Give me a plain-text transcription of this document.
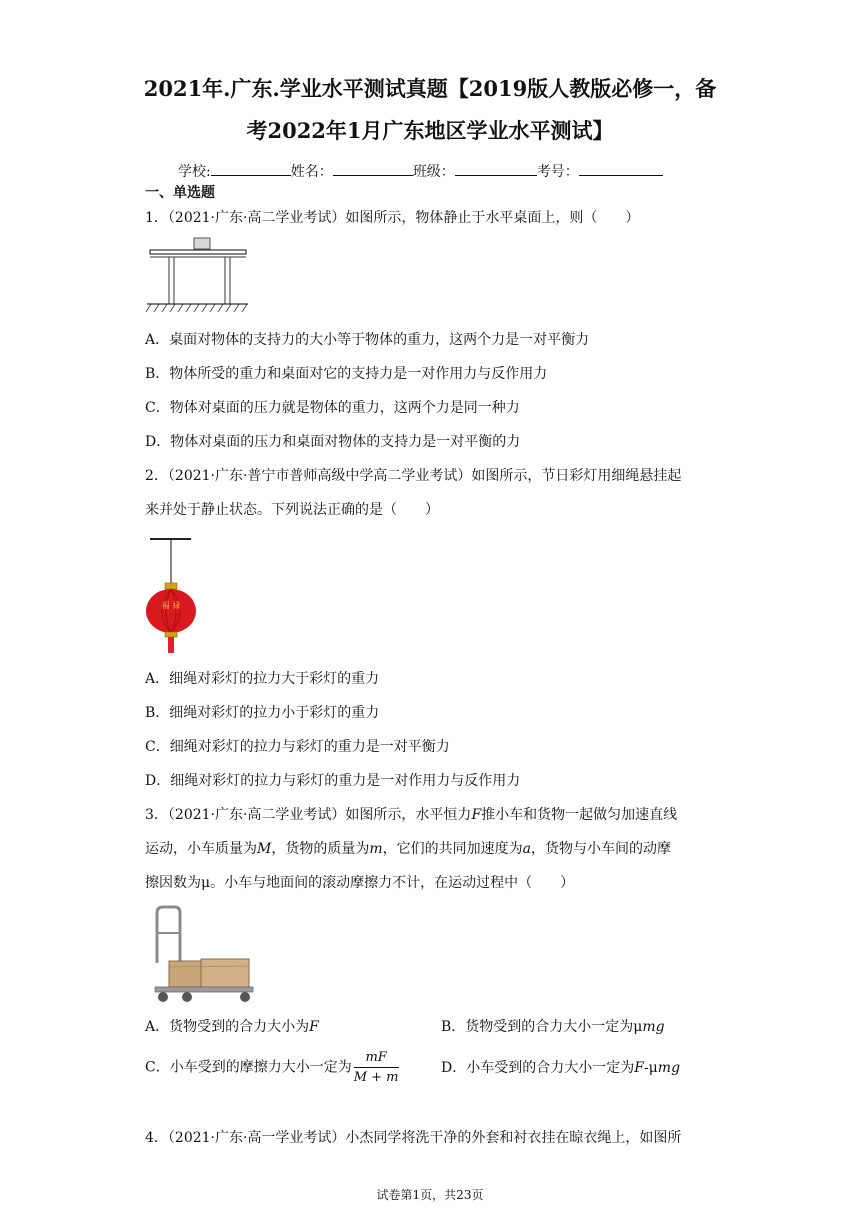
2021年.广东.学业水平测试真题【2019版人教版必修一，备
考2022年1月广东地区学业水平测试】
学校:	姓名：	班级：	考号：
一、单选题
1．（2021·广东·高二学业考试）如图所示，物体静止于水平桌面上，则（　　）
A．桌面对物体的支持力的大小等于物体的重力，这两个力是一对平衡力
B．物体所受的重力和桌面对它的支持力是一对作用力与反作用力
C．物体对桌面的压力就是物体的重力，这两个力是同一种力
D．物体对桌面的压力和桌面对物体的支持力是一对平衡的力
2．（2021·广东·普宁市普师高级中学高二学业考试）如图所示，节日彩灯用细绳悬挂起
来并处于静止状态。下列说法正确的是（　　）
福 禄
A．细绳对彩灯的拉力大于彩灯的重力
B．细绳对彩灯的拉力小于彩灯的重力
C．细绳对彩灯的拉力与彩灯的重力是一对平衡力
D．细绳对彩灯的拉力与彩灯的重力是一对作用力与反作用力
3．（2021·广东·高二学业考试）如图所示，水平恒力F推小车和货物一起做匀加速直线
运动，小车质量为M，货物的质量为m，它们的共同加速度为a，货物与小车间的动摩
擦因数为μ。小车与地面间的滚动摩擦力不计，在运动过程中（　　）
A．货物受到的合力大小为F	B．货物受到的合力大小一定为μmg
C．小车受到的摩擦力大小一定为 $\frac{mF}{M + m}$	D．小车受到的合力大小一定为F-μmg
4．（2021·广东·高一学业考试）小杰同学将洗干净的外套和衬衣挂在晾衣绳上，如图所
试卷第1页，共23页
